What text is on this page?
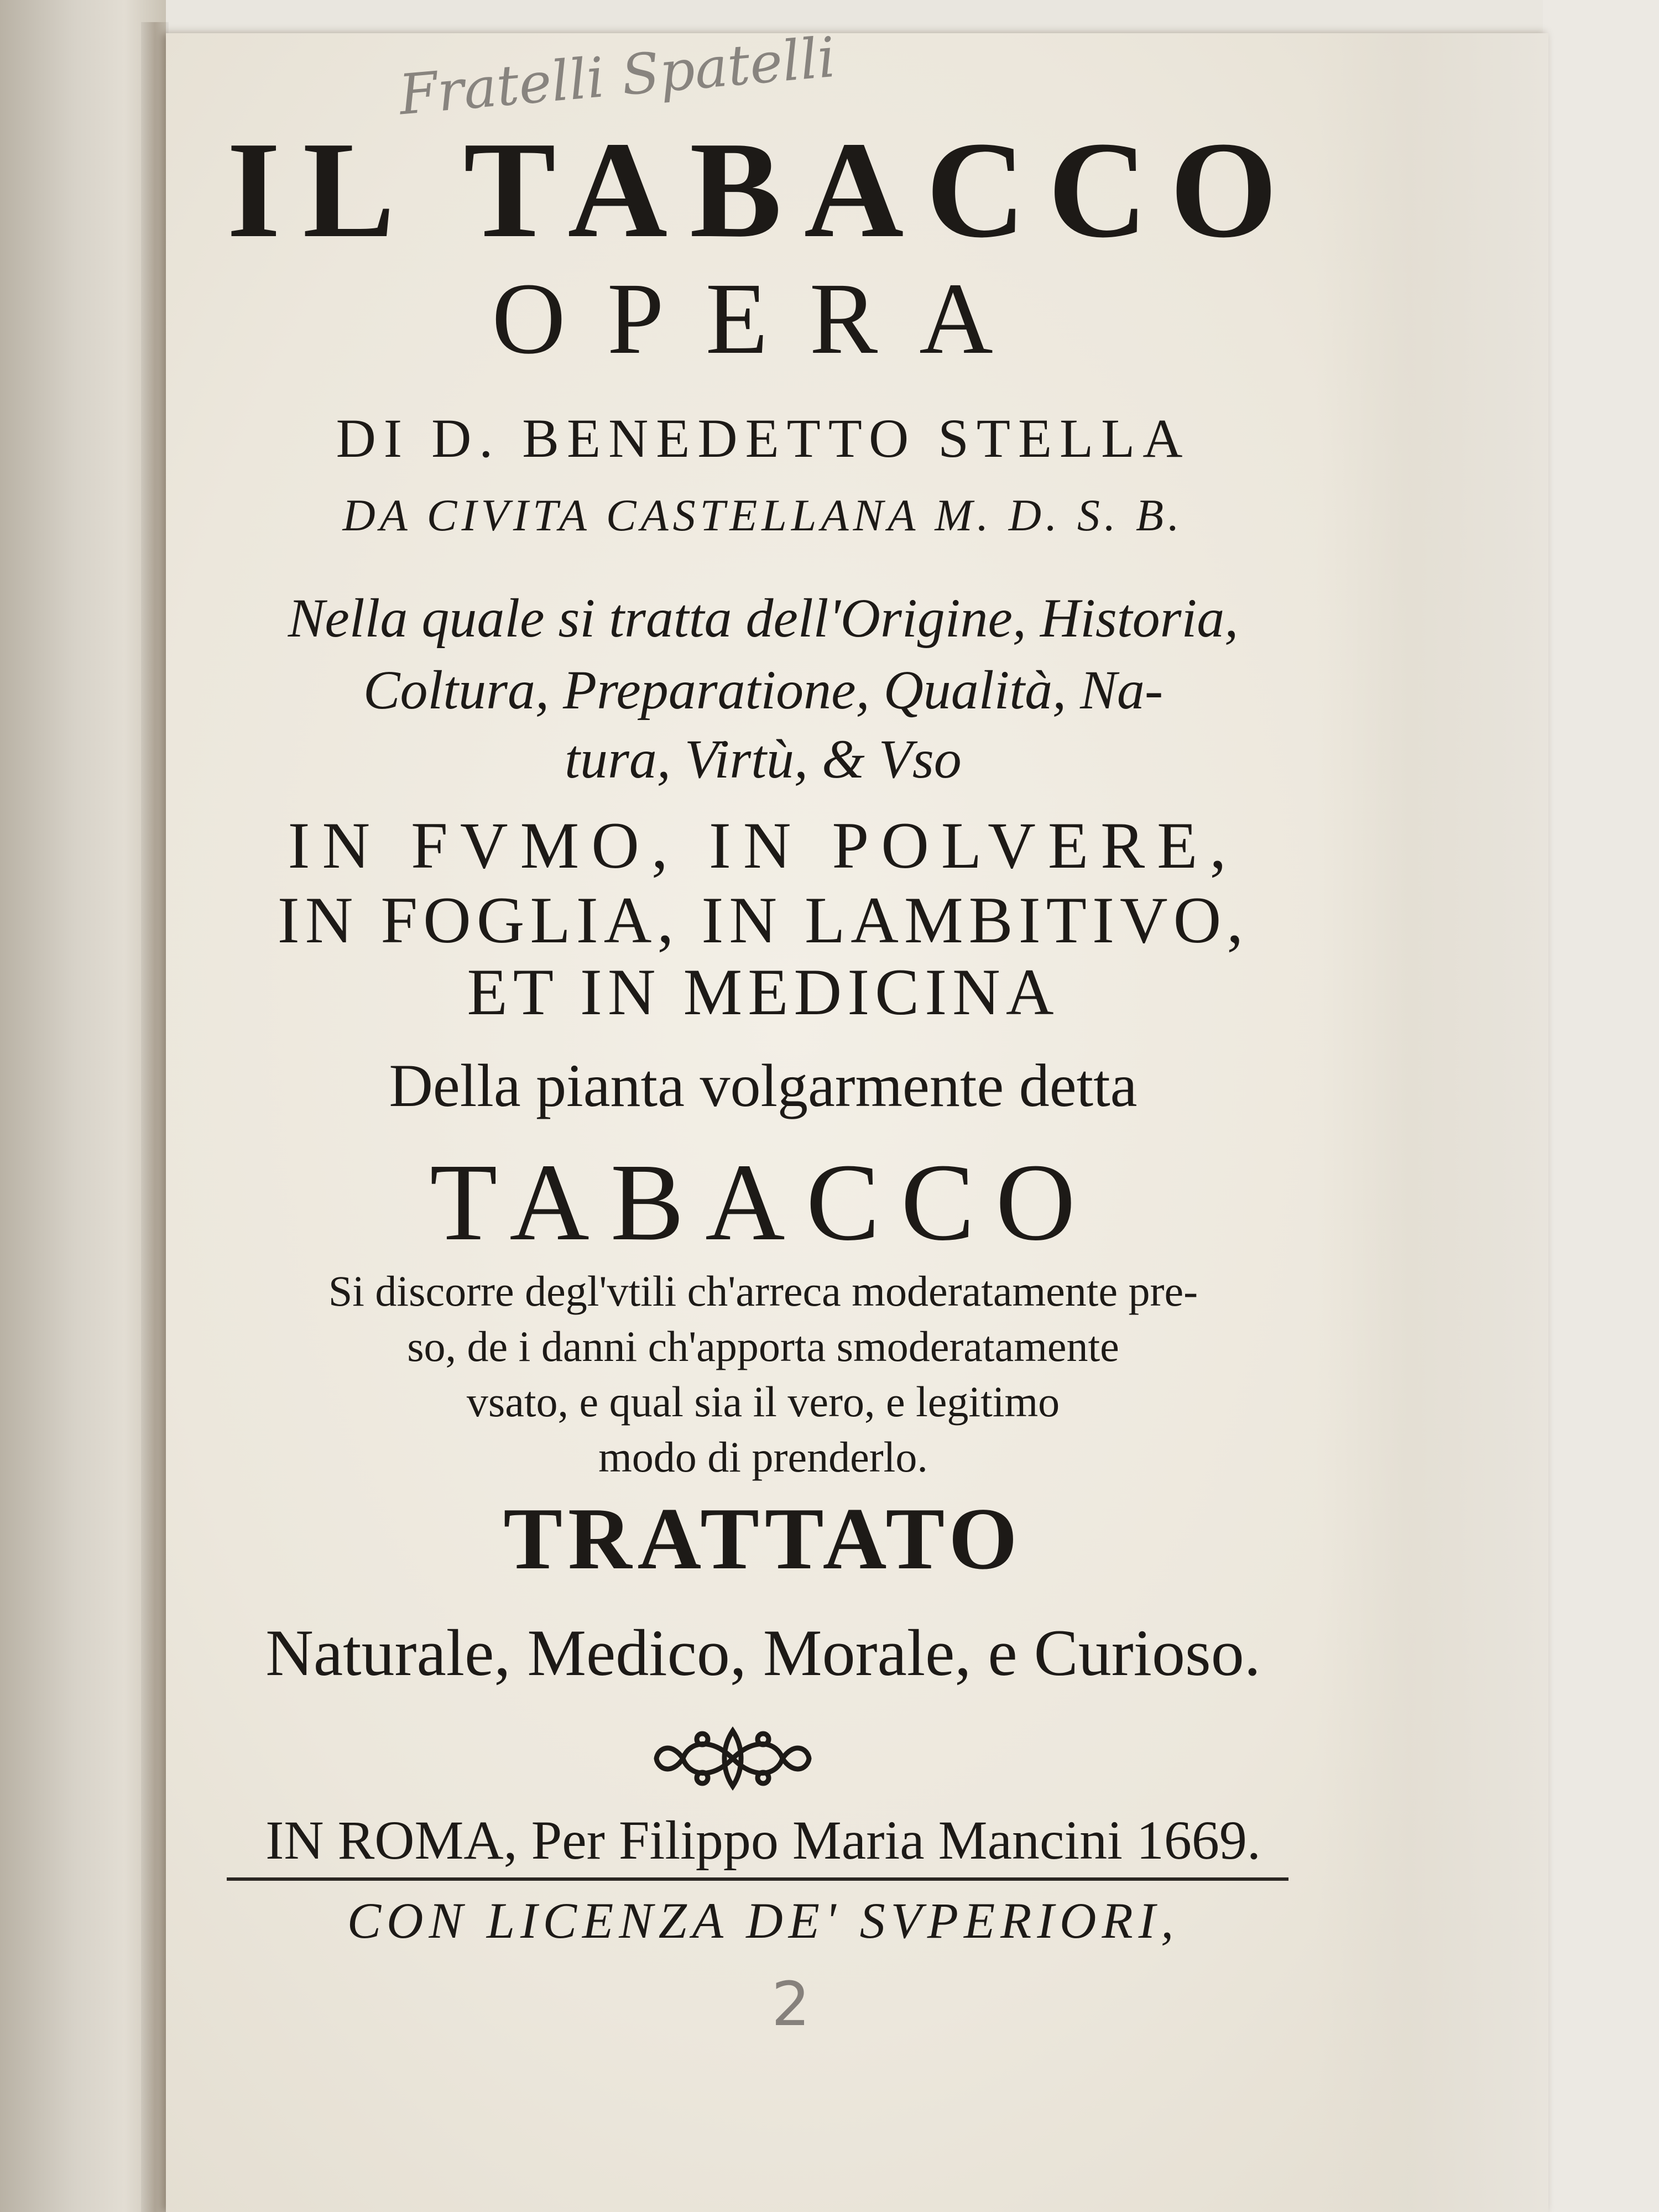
Fratelli Spatelli

IL TABACCO

OPERA

DI D. BENEDETTO STELLA

DA CIVITA CASTELLANA M. D. S. B.

Nella quale si tratta dell'Origine, Historia,

Coltura, Preparatione, Qualità, Na-

tura, Virtù, & Vso

IN FVMO, IN POLVERE,

IN FOGLIA, IN LAMBITIVO,

ET IN MEDICINA

Della pianta volgarmente detta

TABACCO

Si discorre degl'vtili ch'arreca moderatamente pre-

so, de i danni ch'apporta smoderatamente

vsato, e qual sia il vero, e legitimo

modo di prenderlo.

TRATTATO

Naturale, Medico, Morale, e Curioso.

IN ROMA, Per Filippo Maria Mancini 1669.

CON LICENZA DE' SVPERIORI,

2
